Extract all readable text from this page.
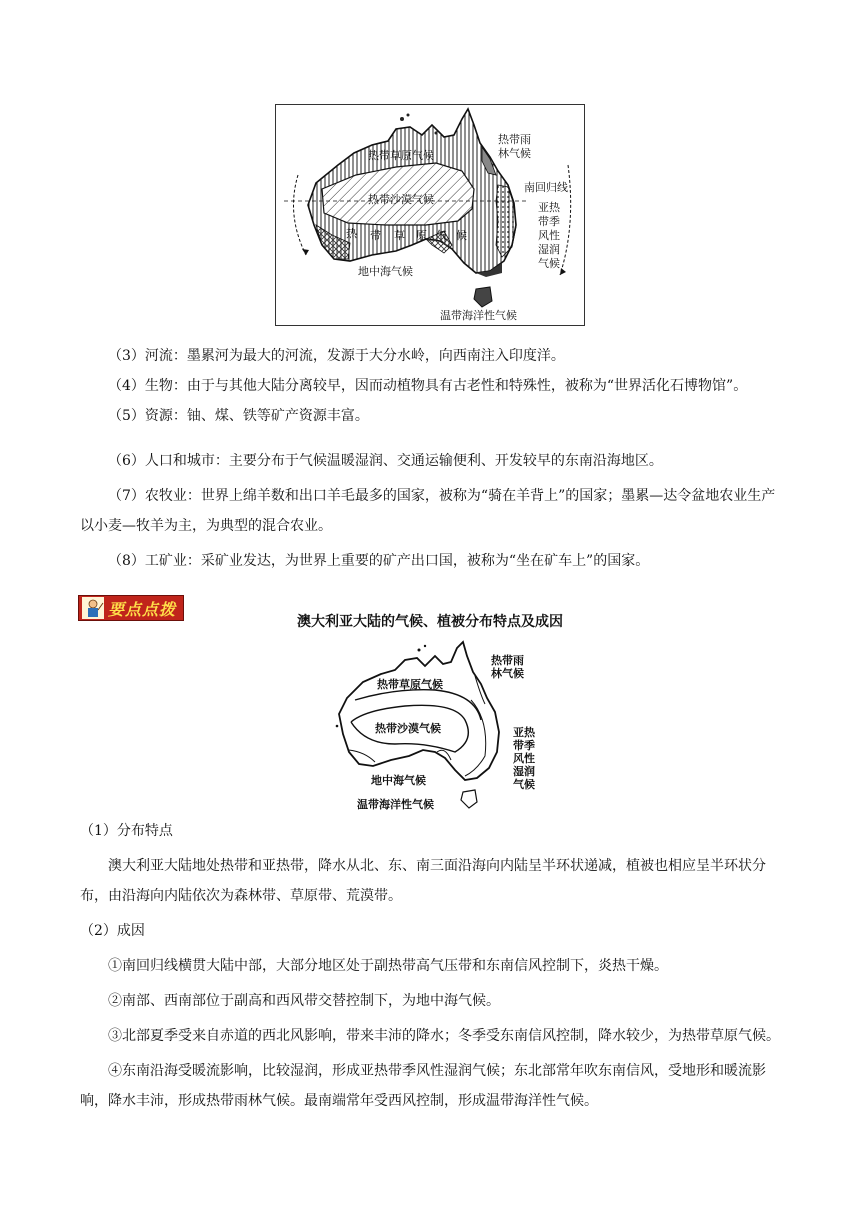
热带草原气候
热带沙漠气候
热 带 草 原 气 候
热带雨
林气候
南回归线
亚热
带季
风性
湿润
气候
地中海气候
温带海洋性气候

（3）河流：墨累河为最大的河流，发源于大分水岭，向西南注入印度洋。

（4）生物：由于与其他大陆分离较早，因而动植物具有古老性和特殊性，被称为“世界活化石博物馆”。

（5）资源：铀、煤、铁等矿产资源丰富。

（6）人口和城市：主要分布于气候温暖湿润、交通运输便利、开发较早的东南沿海地区。

（7）农牧业：世界上绵羊数和出口羊毛最多的国家，被称为“骑在羊背上”的国家；墨累—达令盆地农业生产以小麦—牧羊为主，为典型的混合农业。

（8）工矿业：采矿业发达，为世界上重要的矿产出口国，被称为“坐在矿车上”的国家。

要点点拨
澳大利亚大陆的气候、植被分布特点及成因
热带草原气候
热带沙漠气候
热带雨
林气候
亚热
带季
风性
湿润
气候
地中海气候
温带海洋性气候

（1）分布特点

澳大利亚大陆地处热带和亚热带，降水从北、东、南三面沿海向内陆呈半环状递减，植被也相应呈半环状分布，由沿海向内陆依次为森林带、草原带、荒漠带。

（2）成因

①南回归线横贯大陆中部，大部分地区处于副热带高气压带和东南信风控制下，炎热干燥。

②南部、西南部位于副高和西风带交替控制下，为地中海气候。

③北部夏季受来自赤道的西北风影响，带来丰沛的降水；冬季受东南信风控制，降水较少，为热带草原气候。

④东南沿海受暖流影响，比较湿润，形成亚热带季风性湿润气候；东北部常年吹东南信风，受地形和暖流影响，降水丰沛，形成热带雨林气候。最南端常年受西风控制，形成温带海洋性气候。
